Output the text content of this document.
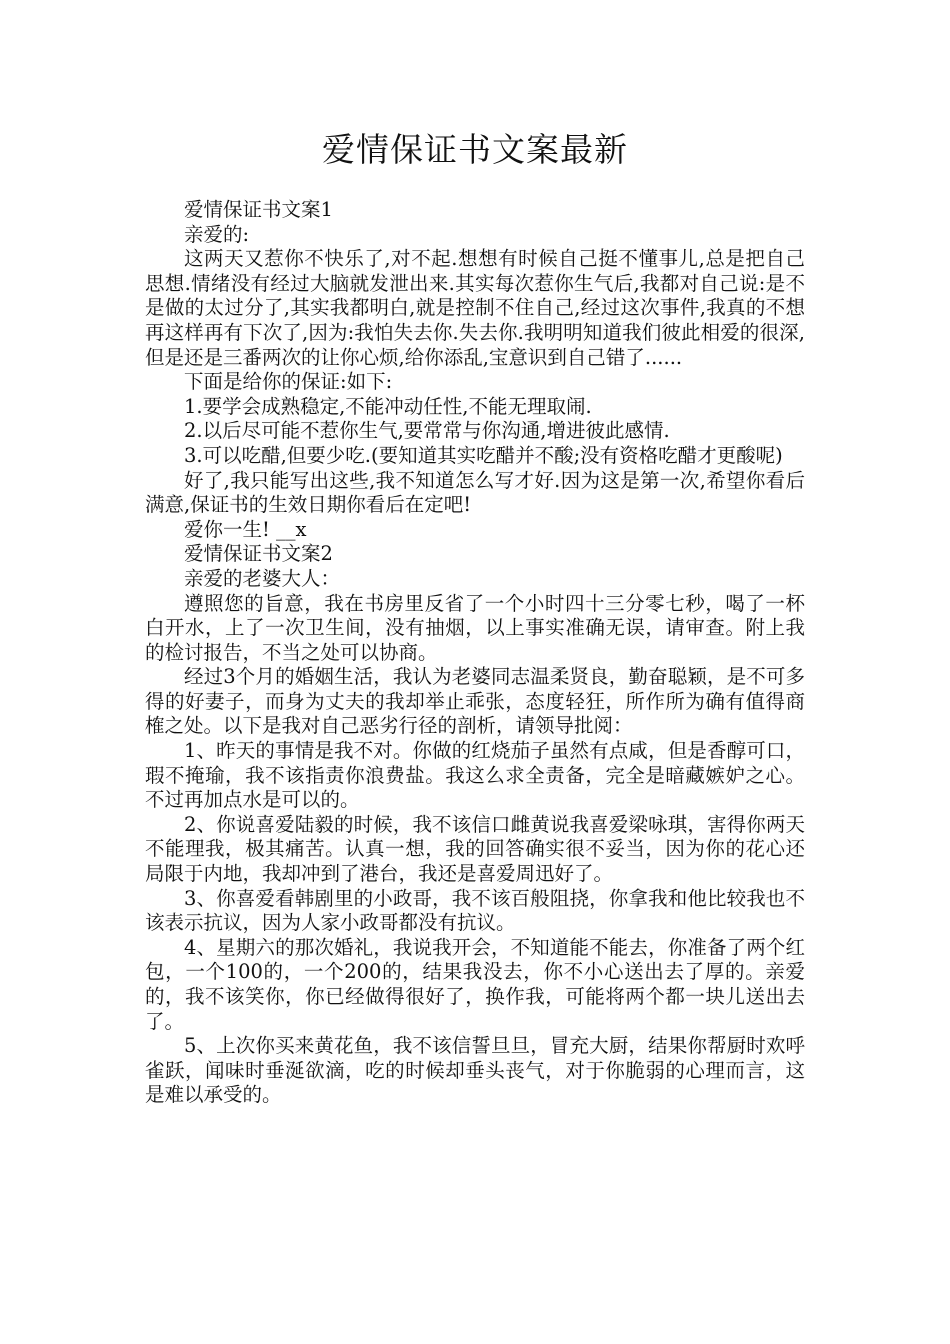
爱情保证书文案最新

爱情保证书文案1

亲爱的:

这两天又惹你不快乐了,对不起.想想有时候自己挺不懂事儿,总是把自己思想.情绪没有经过大脑就发泄出来.其实每次惹你生气后,我都对自己说:是不是做的太过分了,其实我都明白,就是控制不住自己,经过这次事件,我真的不想再这样再有下次了,因为:我怕失去你.失去你.我明明知道我们彼此相爱的很深,但是还是三番两次的让你心烦,给你添乱,宝意识到自己错了......

下面是给你的保证:如下:

1.要学会成熟稳定,不能冲动任性,不能无理取闹.

2.以后尽可能不惹你生气,要常常与你沟通,增进彼此感情.

3.可以吃醋,但要少吃.(要知道其实吃醋并不酸;没有资格吃醋才更酸呢)

好了,我只能写出这些,我不知道怎么写才好.因为这是第一次,希望你看后满意,保证书的生效日期你看后在定吧!

爱你一生! __x

爱情保证书文案2

亲爱的老婆大人：

遵照您的旨意，我在书房里反省了一个小时四十三分零七秒，喝了一杯白开水，上了一次卫生间，没有抽烟，以上事实准确无误，请审查。附上我的检讨报告，不当之处可以协商。

经过3个月的婚姻生活，我认为老婆同志温柔贤良，勤奋聪颖，是不可多得的好妻子，而身为丈夫的我却举止乖张，态度轻狂，所作所为确有值得商榷之处。以下是我对自己恶劣行径的剖析，请领导批阅：

1、昨天的事情是我不对。你做的红烧茄子虽然有点咸，但是香醇可口，瑕不掩瑜，我不该指责你浪费盐。我这么求全责备，完全是暗藏嫉妒之心。不过再加点水是可以的。

2、你说喜爱陆毅的时候，我不该信口雌黄说我喜爱梁咏琪，害得你两天不能理我，极其痛苦。认真一想，我的回答确实很不妥当，因为你的花心还局限于内地，我却冲到了港台，我还是喜爱周迅好了。

3、你喜爱看韩剧里的小政哥，我不该百般阻挠，你拿我和他比较我也不该表示抗议，因为人家小政哥都没有抗议。

4、星期六的那次婚礼，我说我开会，不知道能不能去，你准备了两个红包，一个100的，一个200的，结果我没去，你不小心送出去了厚的。亲爱的，我不该笑你，你已经做得很好了，换作我，可能将两个都一块儿送出去了。

5、上次你买来黄花鱼，我不该信誓旦旦，冒充大厨，结果你帮厨时欢呼雀跃，闻味时垂涎欲滴，吃的时候却垂头丧气，对于你脆弱的心理而言，这是难以承受的。
